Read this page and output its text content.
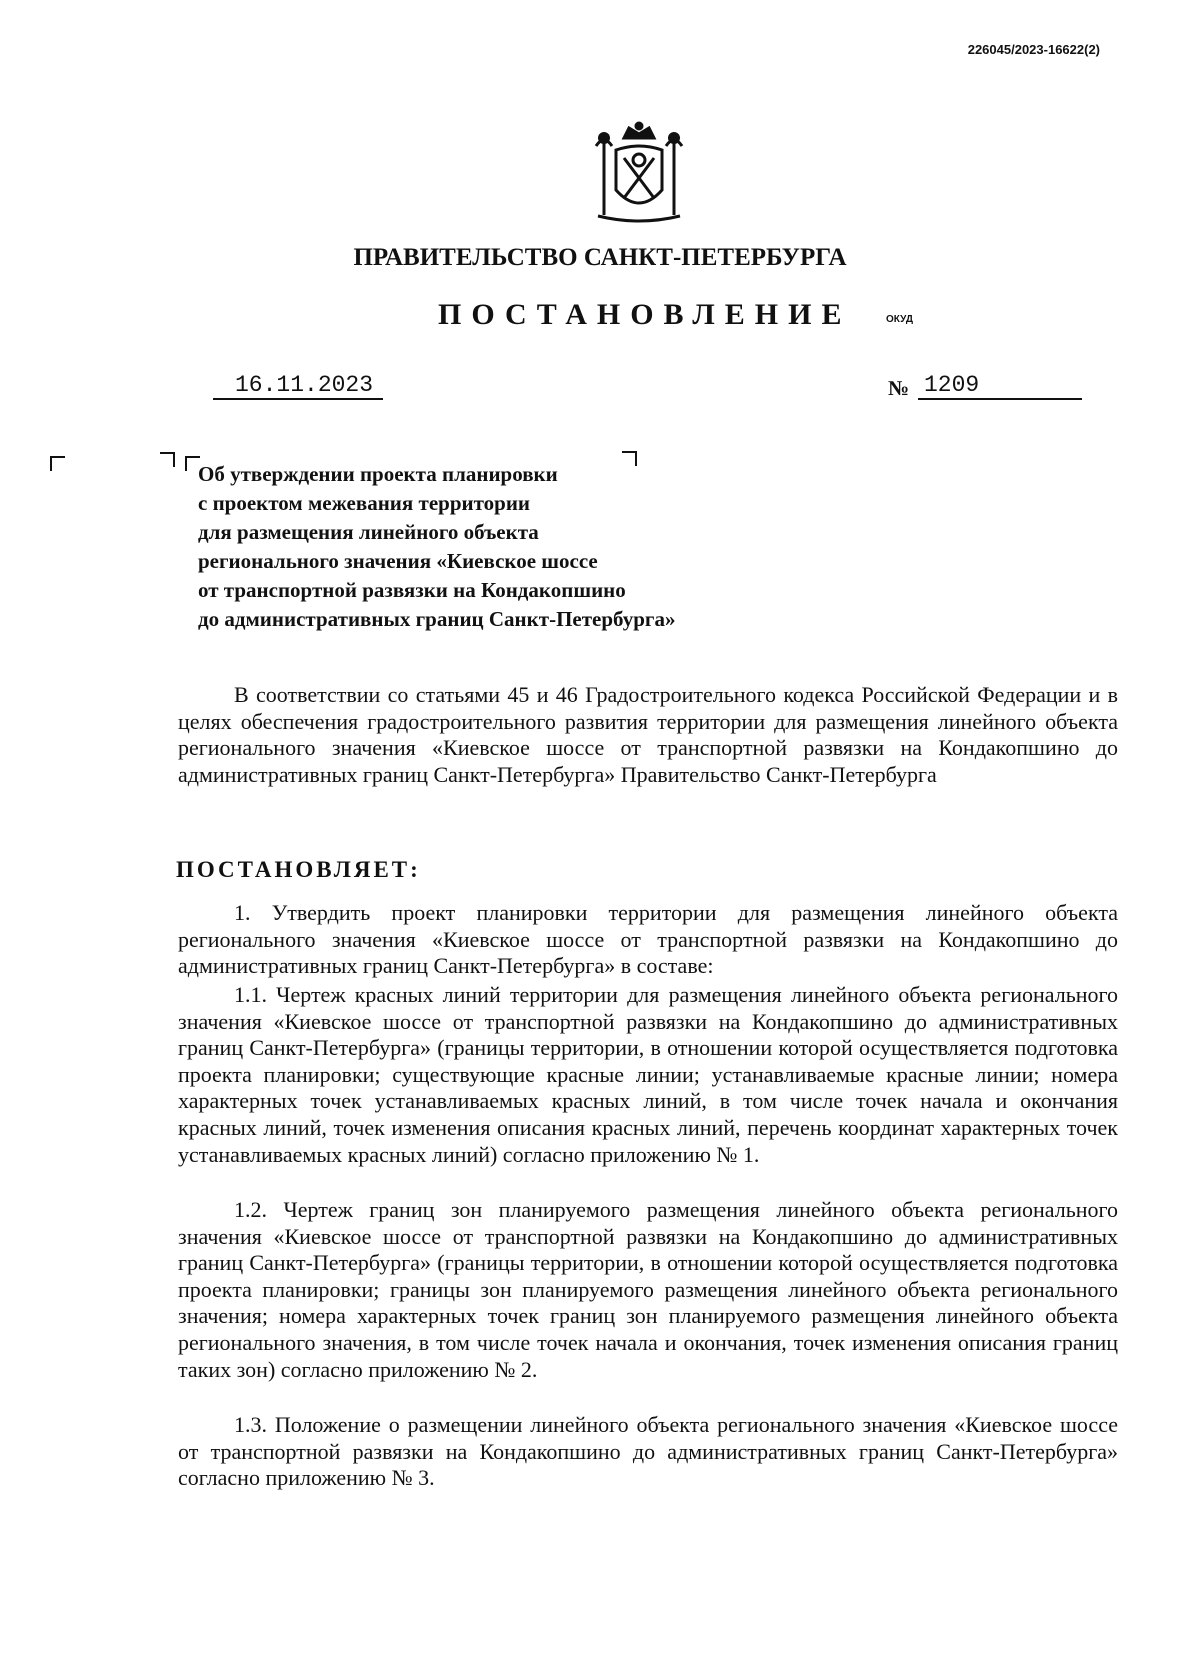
226045/2023-16622(2)
ПРАВИТЕЛЬСТВО САНКТ-ПЕТЕРБУРГА
ПОСТАНОВЛЕНИЕ	ОКУД
16.11.2023	№ 1209
Об утверждении проекта планировки
с проектом межевания территории
для размещения линейного объекта
регионального значения «Киевское шоссе
от транспортной развязки на Кондакопшино
до административных границ Санкт-Петербурга»
В соответствии со статьями 45 и 46 Градостроительного кодекса Российской Федерации и в целях обеспечения градостроительного развития территории для размещения линейного объекта регионального значения «Киевское шоссе от транспортной развязки на Кондакопшино до административных границ Санкт-Петербурга» Правительство Санкт-Петербурга
ПОСТАНОВЛЯЕТ:
1. Утвердить проект планировки территории для размещения линейного объекта регионального значения «Киевское шоссе от транспортной развязки на Кондакопшино до административных границ Санкт-Петербурга» в составе:
1.1. Чертеж красных линий территории для размещения линейного объекта регионального значения «Киевское шоссе от транспортной развязки на Кондакопшино до административных границ Санкт-Петербурга» (границы территории, в отношении которой осуществляется подготовка проекта планировки; существующие красные линии; устанавливаемые красные линии; номера характерных точек устанавливаемых красных линий, в том числе точек начала и окончания красных линий, точек изменения описания красных линий, перечень координат характерных точек устанавливаемых красных линий) согласно приложению № 1.
1.2. Чертеж границ зон планируемого размещения линейного объекта регионального значения «Киевское шоссе от транспортной развязки на Кондакопшино до административных границ Санкт-Петербурга» (границы территории, в отношении которой осуществляется подготовка проекта планировки; границы зон планируемого размещения линейного объекта регионального значения; номера характерных точек границ зон планируемого размещения линейного объекта регионального значения, в том числе точек начала и окончания, точек изменения описания границ таких зон) согласно приложению № 2.
1.3. Положение о размещении линейного объекта регионального значения «Киевское шоссе от транспортной развязки на Кондакопшино до административных границ Санкт-Петербурга» согласно приложению № 3.
